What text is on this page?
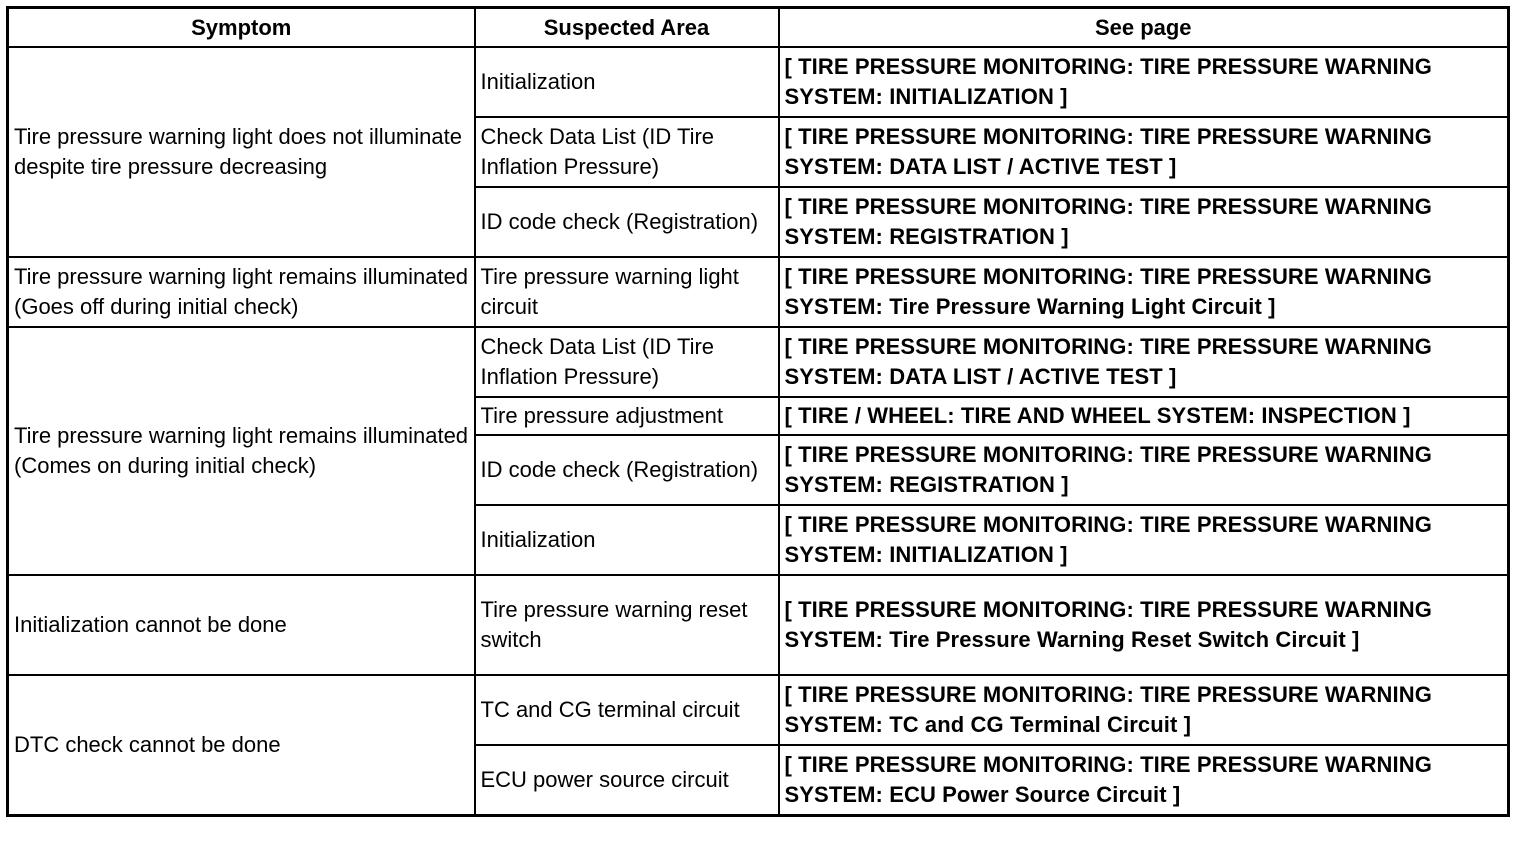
Symptom	Suspected Area	See page
Tire pressure warning light does not illuminate despite tire pressure decreasing	Initialization	[ TIRE PRESSURE MONITORING: TIRE PRESSURE WARNING SYSTEM: INITIALIZATION ]
	Check Data List (ID Tire Inflation Pressure)	[ TIRE PRESSURE MONITORING: TIRE PRESSURE WARNING SYSTEM: DATA LIST / ACTIVE TEST ]
	ID code check (Registration)	[ TIRE PRESSURE MONITORING: TIRE PRESSURE WARNING SYSTEM: REGISTRATION ]
Tire pressure warning light remains illuminated (Goes off during initial check)	Tire pressure warning light circuit	[ TIRE PRESSURE MONITORING: TIRE PRESSURE WARNING SYSTEM: Tire Pressure Warning Light Circuit ]
Tire pressure warning light remains illuminated (Comes on during initial check)	Check Data List (ID Tire Inflation Pressure)	[ TIRE PRESSURE MONITORING: TIRE PRESSURE WARNING SYSTEM: DATA LIST / ACTIVE TEST ]
	Tire pressure adjustment	[ TIRE / WHEEL: TIRE AND WHEEL SYSTEM: INSPECTION ]
	ID code check (Registration)	[ TIRE PRESSURE MONITORING: TIRE PRESSURE WARNING SYSTEM: REGISTRATION ]
	Initialization	[ TIRE PRESSURE MONITORING: TIRE PRESSURE WARNING SYSTEM: INITIALIZATION ]
Initialization cannot be done	Tire pressure warning reset switch	[ TIRE PRESSURE MONITORING: TIRE PRESSURE WARNING SYSTEM: Tire Pressure Warning Reset Switch Circuit ]
DTC check cannot be done	TC and CG terminal circuit	[ TIRE PRESSURE MONITORING: TIRE PRESSURE WARNING SYSTEM: TC and CG Terminal Circuit ]
	ECU power source circuit	[ TIRE PRESSURE MONITORING: TIRE PRESSURE WARNING SYSTEM: ECU Power Source Circuit ]
